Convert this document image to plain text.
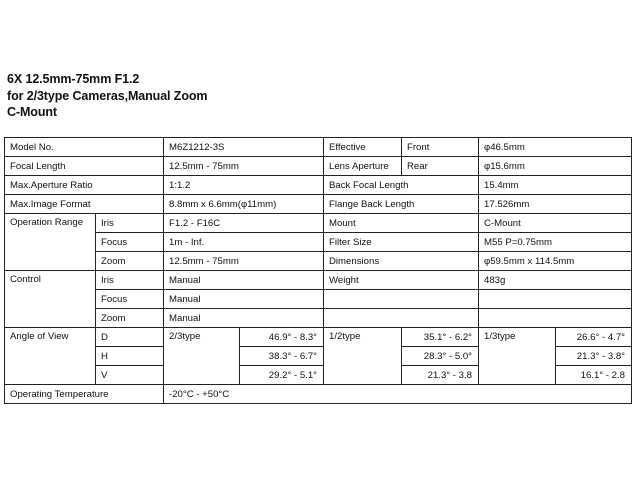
6X 12.5mm-75mm F1.2
for 2/3type Cameras,Manual Zoom
C-Mount
Model No.		M6Z1212-3S		Effective	Front	φ46.5mm	
Focal Length		12.5mm - 75mm		Lens Aperture	Rear	φ15.6mm	
Max.Aperture Ratio		1:1.2		Back Focal Length		15.4mm	
Max.Image Format		8.8mm x 6.6mm(φ11mm)		Flange Back Length		17.526mm	
Operation Range	Iris	F1.2 - F16C		Mount		C-Mount	
	Focus	1m - Inf.		Filter Size		M55 P=0.75mm	
	Zoom	12.5mm - 75mm		Dimensions		φ59.5mm x 114.5mm	
Control	Iris	Manual		Weight		483g	
	Focus	Manual					
	Zoom	Manual					
Angle of View	D	2/3type	46.9° - 8.3°	1/2type	35.1° - 6.2°	1/3type	26.6° - 4.7°
	H		38.3° - 6.7°		28.3° - 5.0°		21.3° - 3.8°
	V		29.2° - 5.1°		21.3° - 3.8		16.1° - 2.8
Operating Temperature		-20°C - +50°C					
